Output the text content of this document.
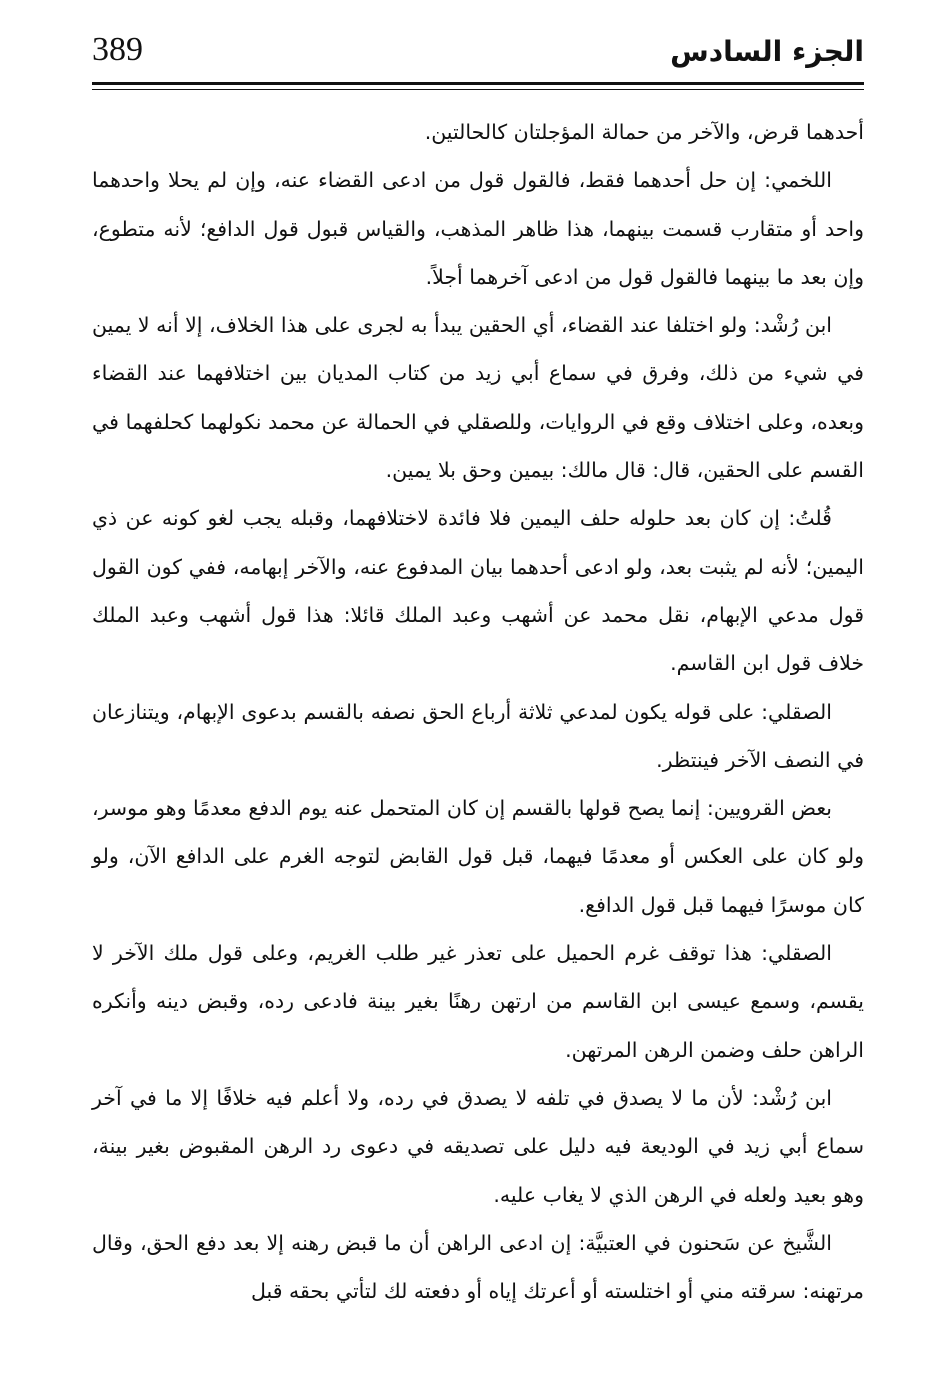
389	الجزء السادس

أحدهما قرض، والآخر من حمالة المؤجلتان كالحالتين.

اللخمي: إن حل أحدهما فقط، فالقول قول من ادعى القضاء عنه، وإن لم يحلا واحدهما واحد أو متقارب قسمت بينهما، هذا ظاهر المذهب، والقياس قبول قول الدافع؛ لأنه متطوع، وإن بعد ما بينهما فالقول قول من ادعى آخرهما أجلاً.

ابن رُشْد: ولو اختلفا عند القضاء، أي الحقين يبدأ به لجرى على هذا الخلاف، إلا أنه لا يمين في شيء من ذلك، وفرق في سماع أبي زيد من كتاب المديان بين اختلافهما عند القضاء وبعده، وعلى اختلاف وقع في الروايات، وللصقلي في الحمالة عن محمد نكولهما كحلفهما في القسم على الحقين، قال: قال مالك: بيمين وحق بلا يمين.

قُلتُ: إن كان بعد حلوله حلف اليمين فلا فائدة لاختلافهما، وقبله يجب لغو كونه عن ذي اليمين؛ لأنه لم يثبت بعد، ولو ادعى أحدهما بيان المدفوع عنه، والآخر إبهامه، ففي كون القول قول مدعي الإبهام، نقل محمد عن أشهب وعبد الملك قائلا: هذا قول أشهب وعبد الملك خلاف قول ابن القاسم.

الصقلي: على قوله يكون لمدعي ثلاثة أرباع الحق نصفه بالقسم بدعوى الإبهام، ويتنازعان في النصف الآخر فينتظر.

بعض القرويين: إنما يصح قولها بالقسم إن كان المتحمل عنه يوم الدفع معدمًا وهو موسر، ولو كان على العكس أو معدمًا فيهما، قبل قول القابض لتوجه الغرم على الدافع الآن، ولو كان موسرًا فيهما قبل قول الدافع.

الصقلي: هذا توقف غرم الحميل على تعذر غير طلب الغريم، وعلى قول ملك الآخر لا يقسم، وسمع عيسى ابن القاسم من ارتهن رهنًا بغير بينة فادعى رده، وقبض دينه وأنكره الراهن حلف وضمن الرهن المرتهن.

ابن رُشْد: لأن ما لا يصدق في تلفه لا يصدق في رده، ولا أعلم فيه خلافًا إلا ما في آخر سماع أبي زيد في الوديعة فيه دليل على تصديقه في دعوى رد الرهن المقبوض بغير بينة، وهو بعيد ولعله في الرهن الذي لا يغاب عليه.

الشَّيخ عن سَحنون في العتبيَّة: إن ادعى الراهن أن ما قبض رهنه إلا بعد دفع الحق، وقال مرتهنه: سرقته مني أو اختلسته أو أعرتك إياه أو دفعته لك لتأتي بحقه قبل
